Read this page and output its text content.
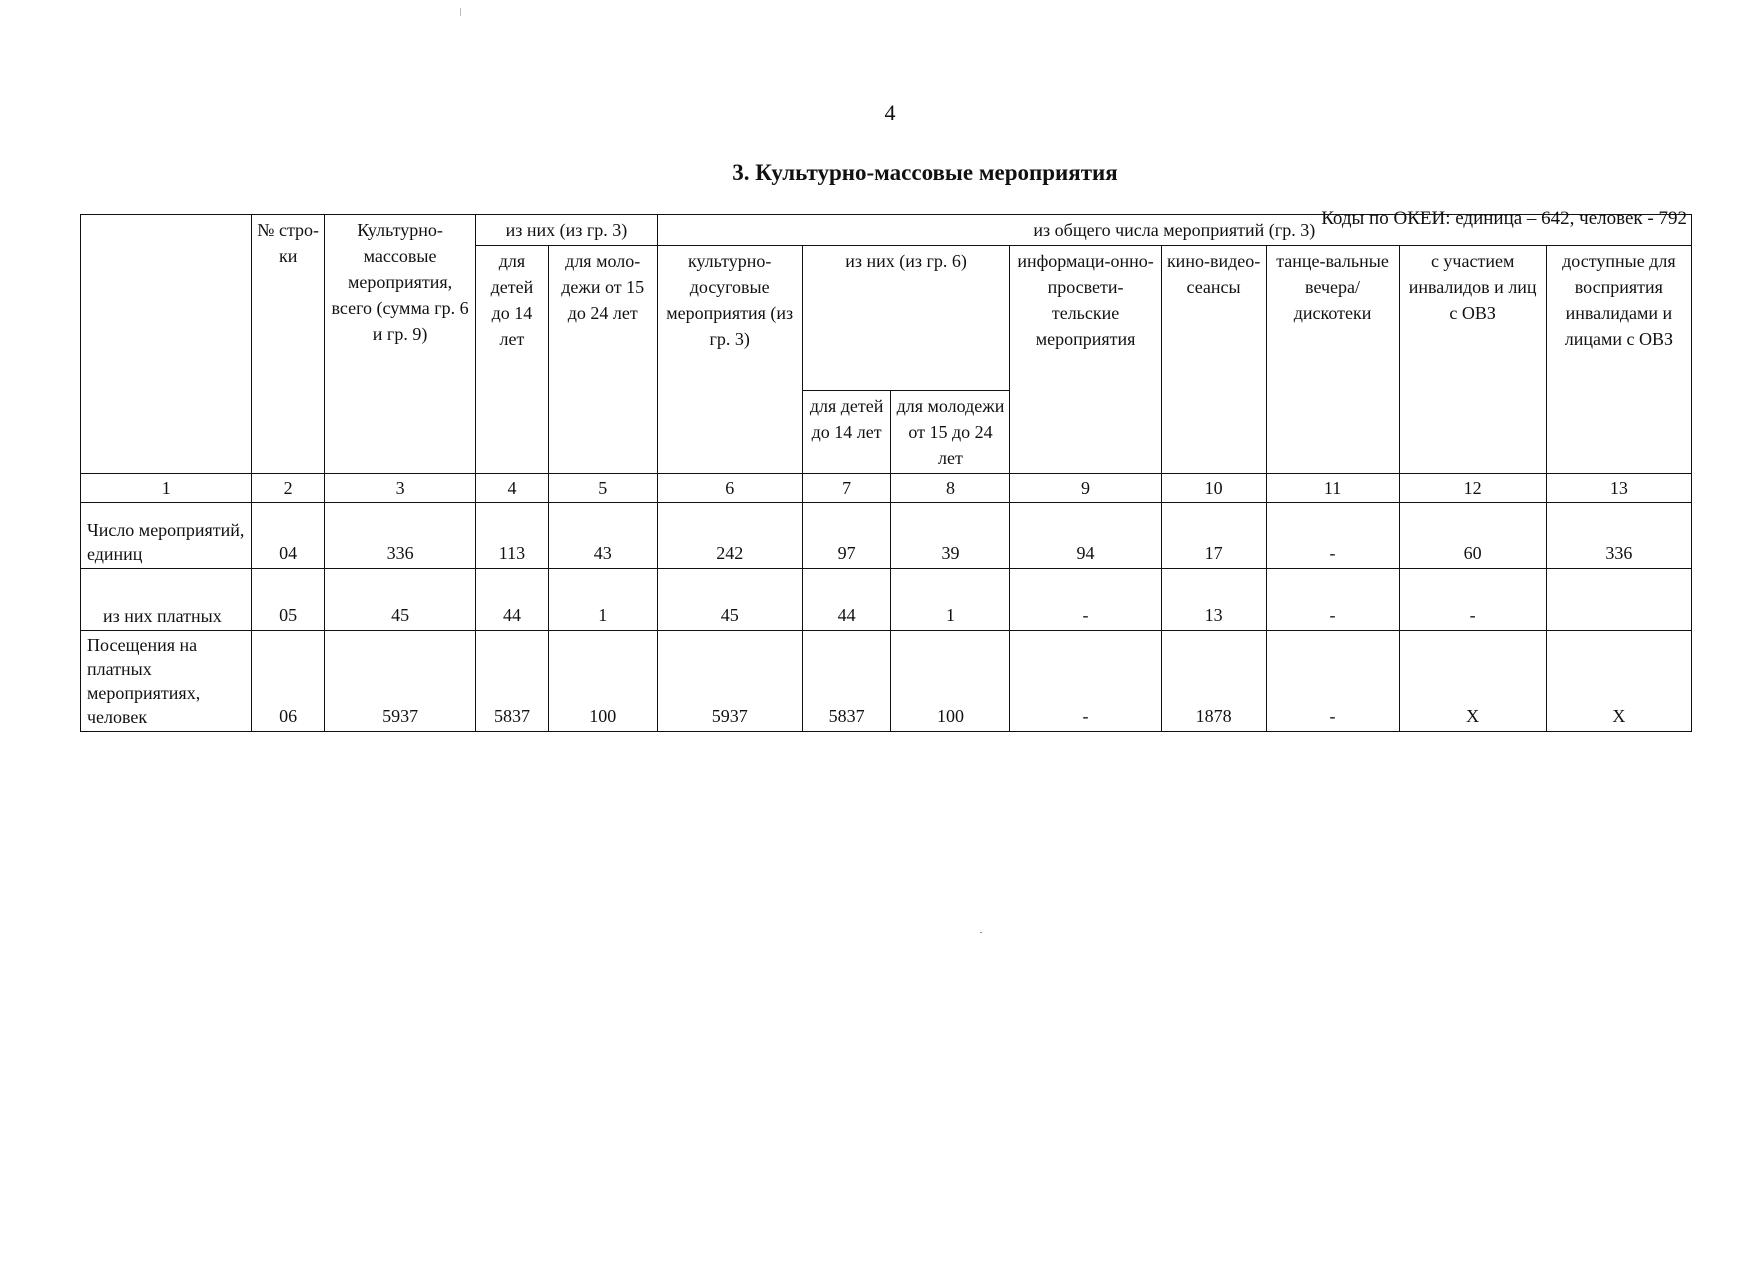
4
3. Культурно-массовые мероприятия
Коды по ОКЕИ: единица – 642, человек - 792
	№ стро-ки	Культурно-массовые мероприятия, всего (сумма гр. 6 и гр. 9)	из них (из гр. 3)		из общего числа мероприятий (гр. 3)							
			для детей до 14 лет	для моло-дежи от 15 до 24 лет	культурно-досуговые мероприятия (из гр. 3)	из них (из гр. 6)		информаци-онно-просвети-тельские мероприятия	кино-видео-сеансы	танце-вальные вечера/ дискотеки	с участием инвалидов и лиц с ОВЗ	доступные для восприятия инвалидами и лицами с ОВЗ
						для детей до 14 лет	для молодежи от 15 до 24 лет					
1	2	3	4	5	6	7	8	9	10	11	12	13
Число мероприятий, единиц	04	336	113	43	242	97	39	94	17	-	60	336
из них платных	05	45	44	1	45	44	1	-	13	-	-	
Посещения на платных мероприятиях, человек	06	5937	5837	100	5937	5837	100	-	1878	-	Х	Х
